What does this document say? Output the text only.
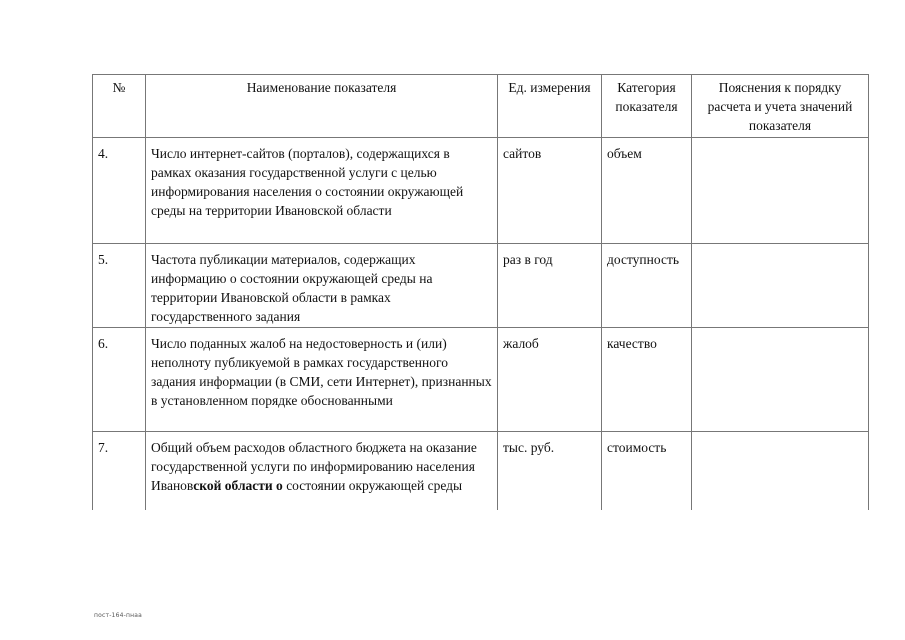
№	Наименование показателя	Ед. измерения	Категория показателя	Пояснения к порядку расчета и учета значений показателя
4.	Число интернет-сайтов (порталов), содержащихся в рамках оказания государственной услуги с целью информирования населения о состоянии окружающей среды на территории Ивановской области	сайтов	объем	
5.	Частота публикации материалов, содержащих информацию о состоянии окружающей среды на территории Ивановской области в рамках государственного задания	раз в год	доступность	
6.	Число поданных жалоб на недостоверность и (или) неполноту публикуемой в рамках государственного задания информации (в СМИ, сети Интернет), признанных в установленном порядке обоснованными	жалоб	качество	
7.	Общий объем расходов областного бюджета на оказание государственной услуги по информированию населения Ивановской области о состоянии окружающей среды	тыс. руб.	стоимость	
пост-164-пнаа
